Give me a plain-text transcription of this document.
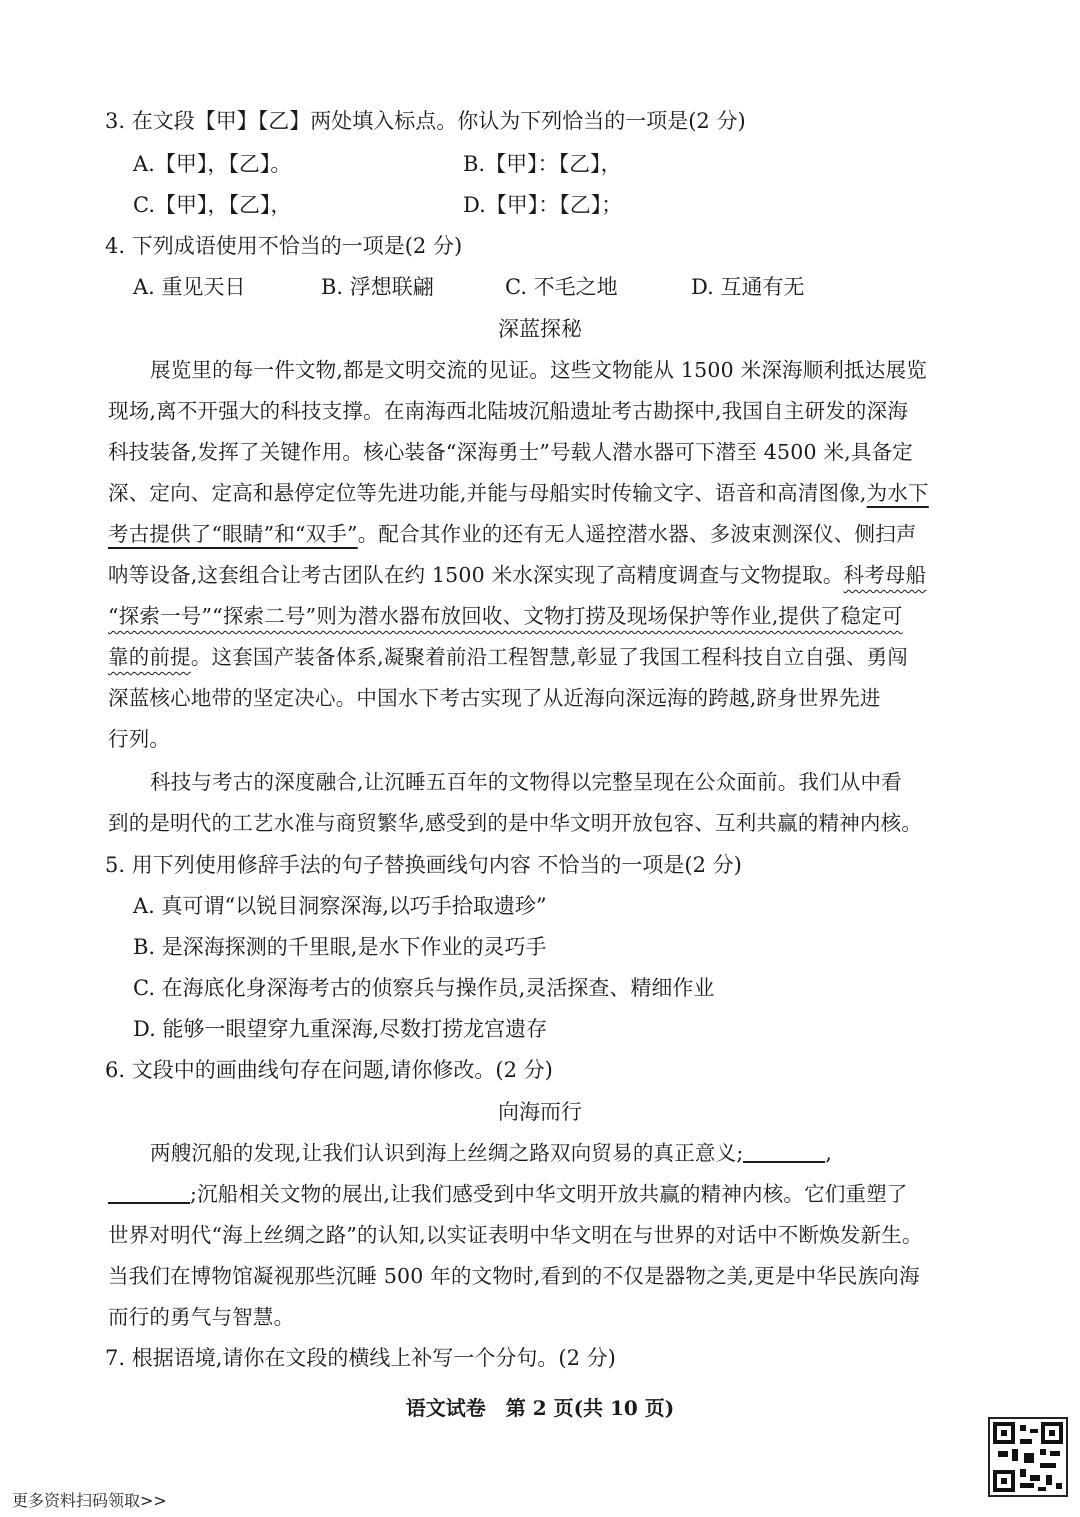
3. 在文段【甲】【乙】两处填入标点。你认为下列恰当的一项是(2 分)
A.【甲】，【乙】。	B.【甲】：【乙】，
C.【甲】，【乙】，	D.【甲】：【乙】；
4. 下列成语使用不恰当的一项是(2 分)
A. 重见天日	B. 浮想联翩	C. 不毛之地	D. 互通有无
深蓝探秘
展览里的每一件文物,都是文明交流的见证。这些文物能从 1500 米深海顺利抵达展览
现场,离不开强大的科技支撑。在南海西北陆坡沉船遗址考古勘探中,我国自主研发的深海
科技装备,发挥了关键作用。核心装备“深海勇士”号载人潜水器可下潜至 4500 米,具备定
深、定向、定高和悬停定位等先进功能,并能与母船实时传输文字、语音和高清图像,为水下
考古提供了“眼睛”和“双手”。配合其作业的还有无人遥控潜水器、多波束测深仪、侧扫声
呐等设备,这套组合让考古团队在约 1500 米水深实现了高精度调查与文物提取。科考母船
“探索一号”“探索二号”则为潜水器布放回收、文物打捞及现场保护等作业,提供了稳定可
靠的前提。这套国产装备体系,凝聚着前沿工程智慧,彰显了我国工程科技自立自强、勇闯
深蓝核心地带的坚定决心。中国水下考古实现了从近海向深远海的跨越,跻身世界先进
行列。
科技与考古的深度融合,让沉睡五百年的文物得以完整呈现在公众面前。我们从中看
到的是明代的工艺水准与商贸繁华,感受到的是中华文明开放包容、互利共赢的精神内核。
5. 用下列使用修辞手法的句子替换画线句内容 不恰当的一项是(2 分)
A. 真可谓“以锐目洞察深海,以巧手拾取遗珍”
B. 是深海探测的千里眼,是水下作业的灵巧手
C. 在海底化身深海考古的侦察兵与操作员,灵活探查、精细作业
D. 能够一眼望穿九重深海,尽数打捞龙宫遗存
6. 文段中的画曲线句存在问题,请你修改。(2 分)
向海而行
两艘沉船的发现,让我们认识到海上丝绸之路双向贸易的真正意义;	,
;沉船相关文物的展出,让我们感受到中华文明开放共赢的精神内核。它们重塑了
世界对明代“海上丝绸之路”的认知,以实证表明中华文明在与世界的对话中不断焕发新生。
当我们在博物馆凝视那些沉睡 500 年的文物时,看到的不仅是器物之美,更是中华民族向海
而行的勇气与智慧。
7. 根据语境,请你在文段的横线上补写一个分句。(2 分)
语文试卷　第 2 页(共 10 页)
更多资料扫码领取>>
